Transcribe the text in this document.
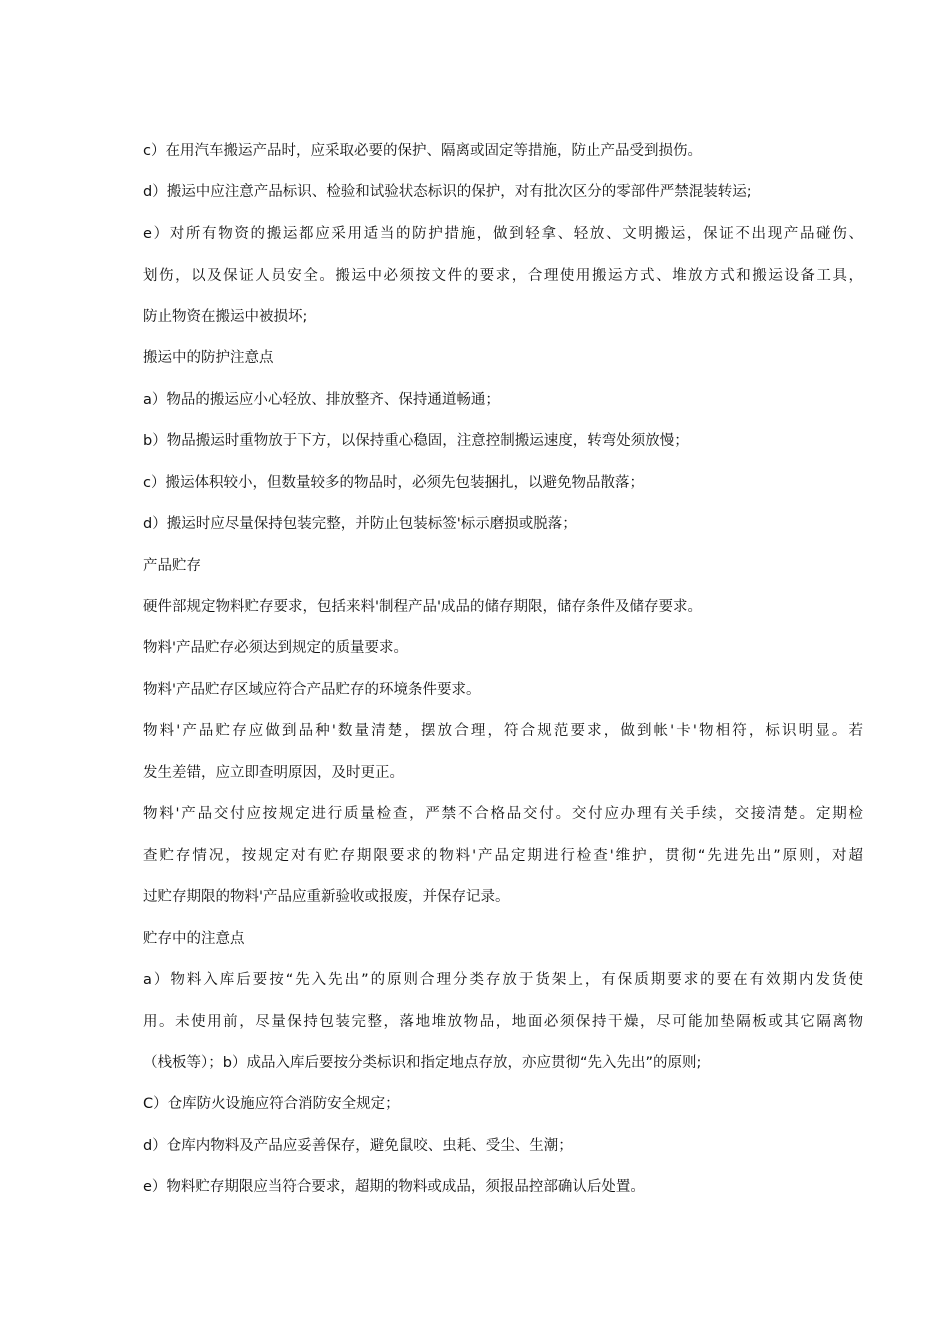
c）在用汽车搬运产品时，应采取必要的保护、隔离或固定等措施，防止产品受到损伤。
d）搬运中应注意产品标识、检验和试验状态标识的保护，对有批次区分的零部件严禁混装转运;
e）对所有物资的搬运都应采用适当的防护措施，做到轻拿、轻放、文明搬运，保证不出现产品碰伤、
划伤，以及保证人员安全。搬运中必须按文件的要求，合理使用搬运方式、堆放方式和搬运设备工具，
防止物资在搬运中被损坏;
搬运中的防护注意点
a）物品的搬运应小心轻放、排放整齐、保持通道畅通；
b）物品搬运时重物放于下方，以保持重心稳固，注意控制搬运速度，转弯处须放慢；
c）搬运体积较小，但数量较多的物品时，必须先包装捆扎，以避免物品散落；
d）搬运时应尽量保持包装完整，并防止包装标签'标示磨损或脱落；
产品贮存
硬件部规定物料贮存要求，包括来料'制程产品'成品的储存期限，储存条件及储存要求。
物料'产品贮存必须达到规定的质量要求。
物料'产品贮存区域应符合产品贮存的环境条件要求。
物料'产品贮存应做到品种'数量清楚，摆放合理，符合规范要求，做到帐'卡'物相符，标识明显。若
发生差错，应立即查明原因，及时更正。
物料'产品交付应按规定进行质量检查，严禁不合格品交付。交付应办理有关手续，交接清楚。定期检
查贮存情况，按规定对有贮存期限要求的物料'产品定期进行检查'维护，贯彻“先进先出”原则，对超
过贮存期限的物料'产品应重新验收或报废，并保存记录。
贮存中的注意点
a）物料入库后要按“先入先出”的原则合理分类存放于货架上，有保质期要求的要在有效期内发货使
用。未使用前，尽量保持包装完整，落地堆放物品，地面必须保持干燥，尽可能加垫隔板或其它隔离物
（栈板等）；b）成品入库后要按分类标识和指定地点存放，亦应贯彻“先入先出”的原则;
C）仓库防火设施应符合消防安全规定；
d）仓库内物料及产品应妥善保存，避免鼠咬、虫耗、受尘、生潮；
e）物料贮存期限应当符合要求，超期的物料或成品，须报品控部确认后处置。
